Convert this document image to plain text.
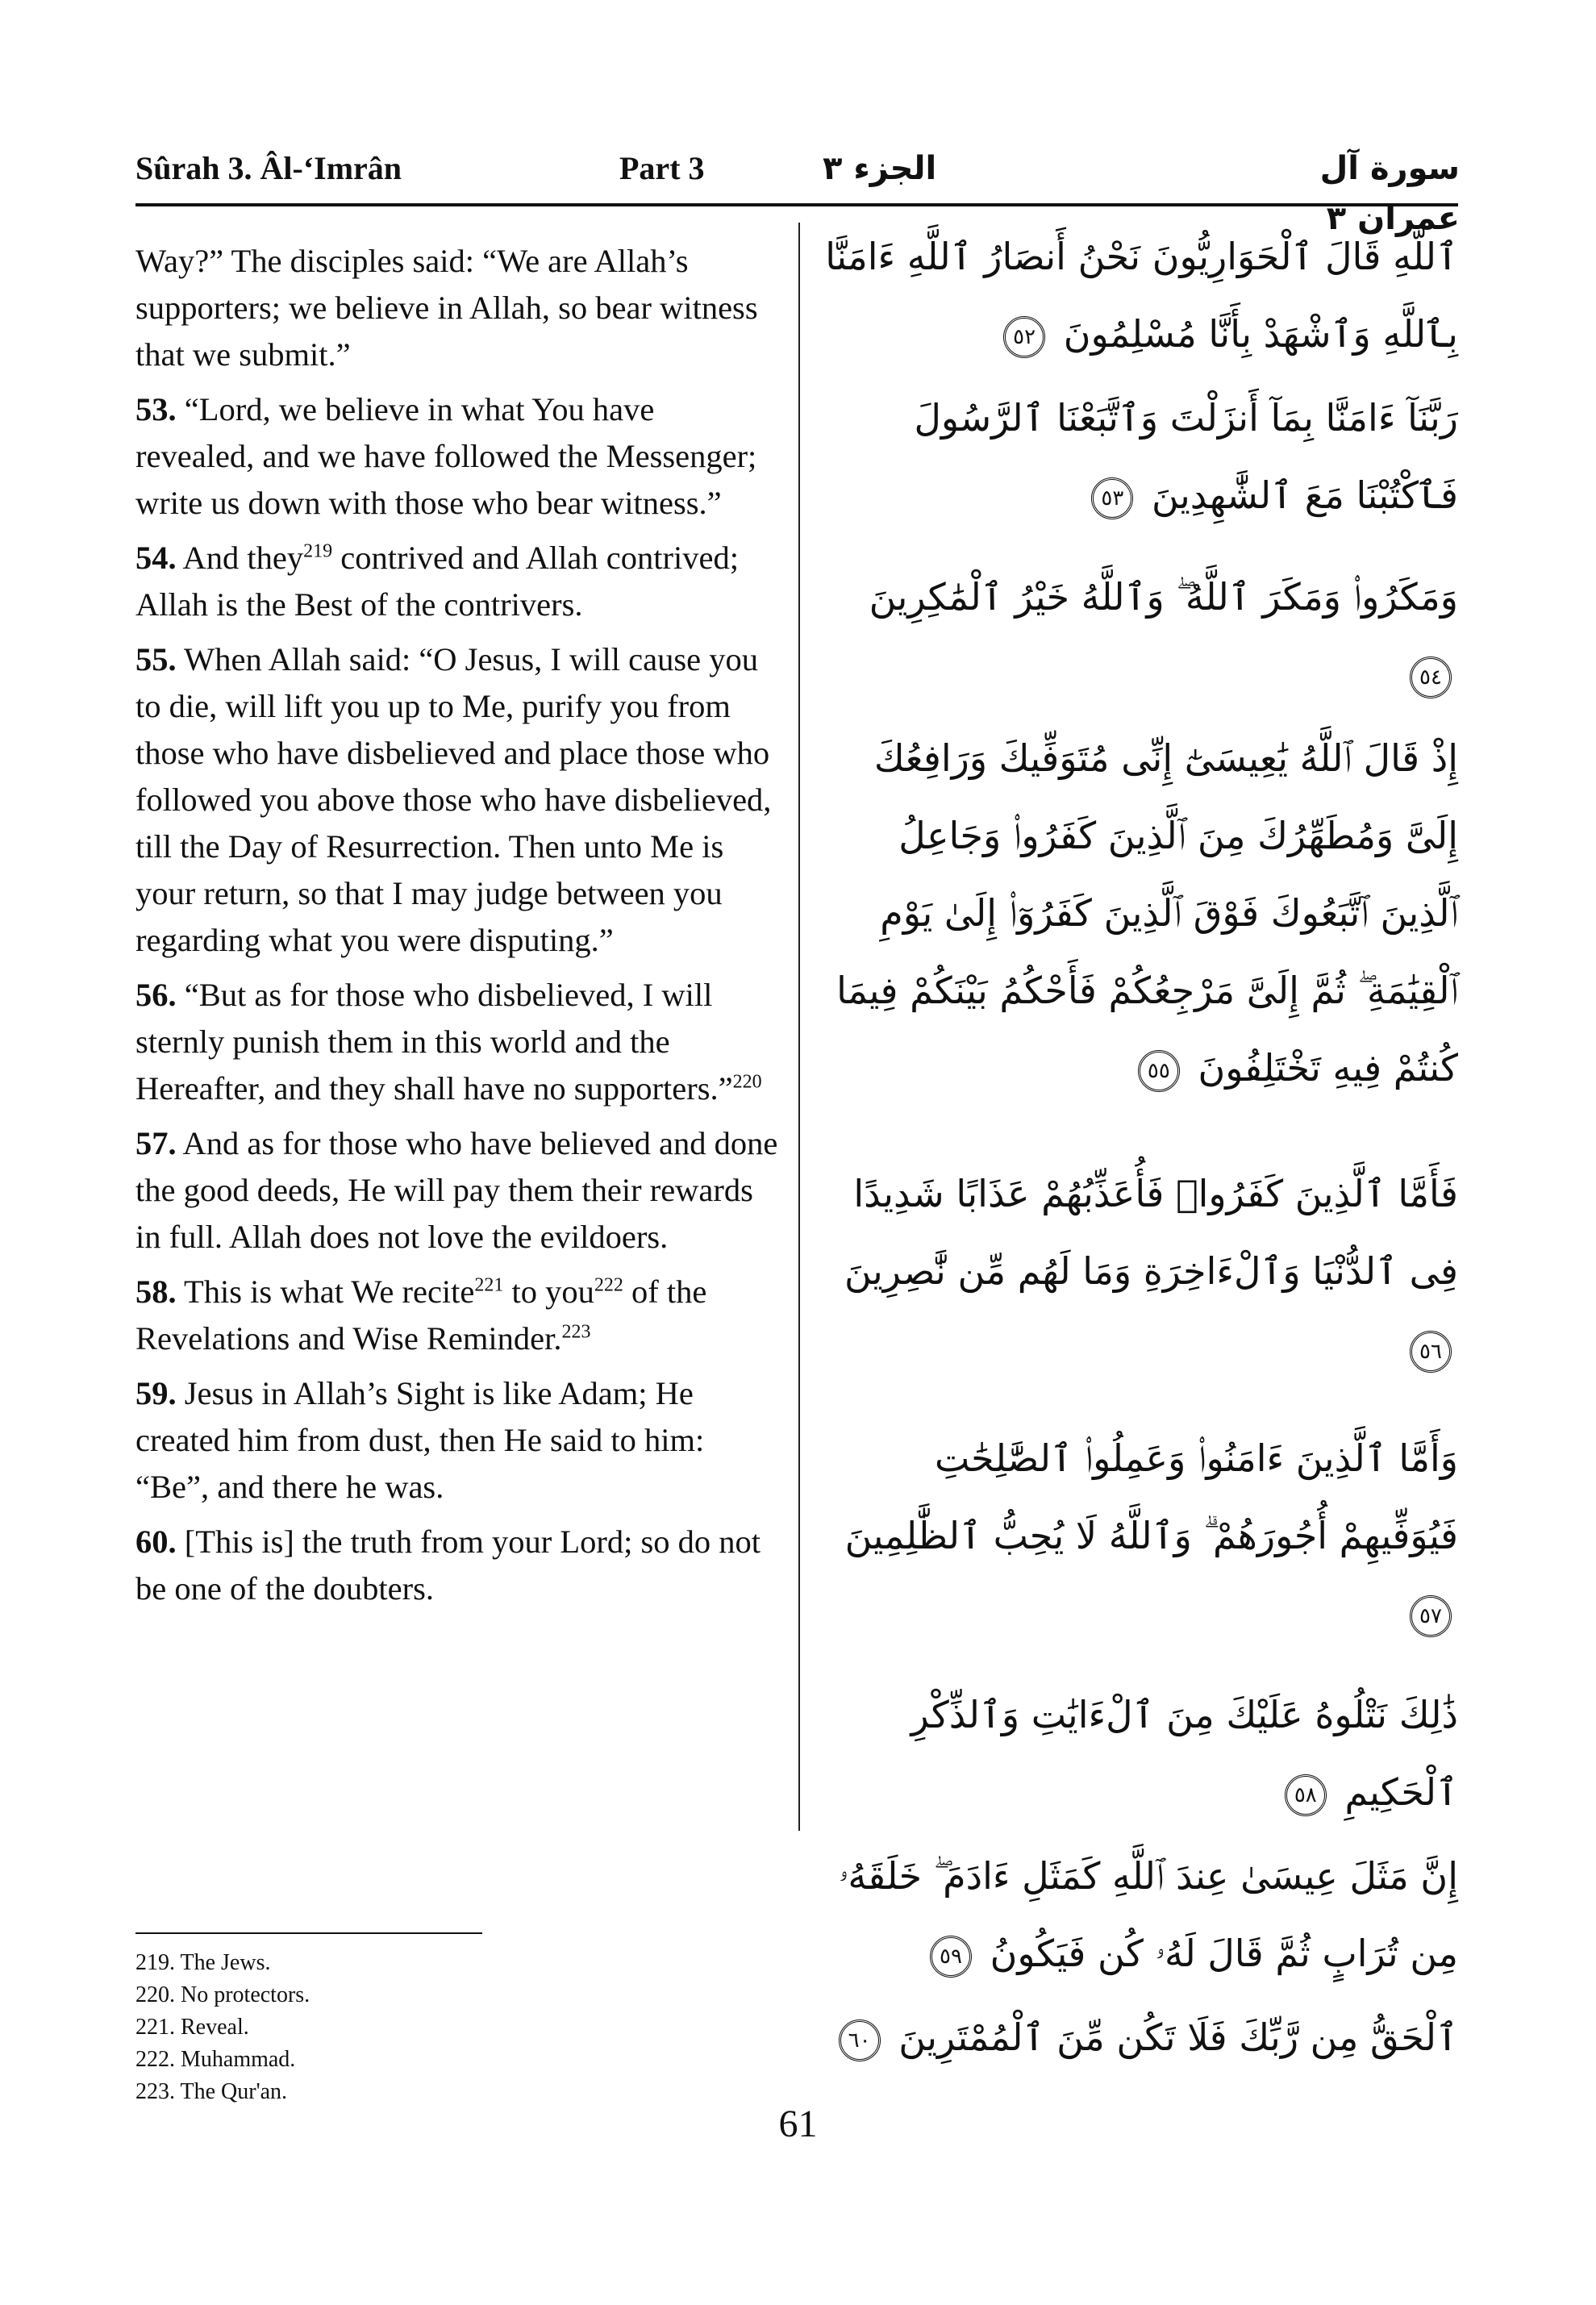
Sûrah 3. Âl-‘Imrân	Part 3	الجزء ٣	سورة آل عمران ٣

Way?” The disciples said: “We are Allah’s supporters; we believe in Allah, so bear witness that we submit.”

53. “Lord, we believe in what You have revealed, and we have followed the Messenger; write us down with those who bear witness.”

54. And they$^{219}$ contrived and Allah contrived; Allah is the Best of the contrivers.

55. When Allah said: “O Jesus, I will cause you to die, will lift you up to Me, purify you from those who have disbelieved and place those who followed you above those who have disbelieved, till the Day of Resurrection. Then unto Me is your return, so that I may judge between you regarding what you were disputing.”

56. “But as for those who disbelieved, I will sternly punish them in this world and the Hereafter, and they shall have no supporters.”$^{220}$

57. And as for those who have believed and done the good deeds, He will pay them their rewards in full. Allah does not love the evildoers.

58. This is what We recite$^{221}$ to you$^{222}$ of the Revelations and Wise Reminder.$^{223}$

59. Jesus in Allah’s Sight is like Adam; He created him from dust, then He said to him: “Be”, and there he was.

60. [This is] the truth from your Lord; so do not be one of the doubters.

ٱللَّهِ قَالَ ٱلْحَوَارِيُّونَ نَحْنُ أَنصَارُ ٱللَّهِ ءَامَنَّا بِٱللَّهِ وَٱشْهَدْ بِأَنَّا مُسْلِمُونَ ٥٢
رَبَّنَآ ءَامَنَّا بِمَآ أَنزَلْتَ وَٱتَّبَعْنَا ٱلرَّسُولَ فَٱكْتُبْنَا مَعَ ٱلشَّٰهِدِينَ ٥٣
وَمَكَرُوا۟ وَمَكَرَ ٱللَّهُ ۖ وَٱللَّهُ خَيْرُ ٱلْمَٰكِرِينَ ٥٤
إِذْ قَالَ ٱللَّهُ يَٰعِيسَىٰٓ إِنِّى مُتَوَفِّيكَ وَرَافِعُكَ إِلَىَّ وَمُطَهِّرُكَ مِنَ ٱلَّذِينَ كَفَرُوا۟ وَجَاعِلُ ٱلَّذِينَ ٱتَّبَعُوكَ فَوْقَ ٱلَّذِينَ كَفَرُوٓا۟ إِلَىٰ يَوْمِ ٱلْقِيَٰمَةِ ۖ ثُمَّ إِلَىَّ مَرْجِعُكُمْ فَأَحْكُمُ بَيْنَكُمْ فِيمَا كُنتُمْ فِيهِ تَخْتَلِفُونَ ٥٥
فَأَمَّا ٱلَّذِينَ كَفَرُوا۟ فَأُعَذِّبُهُمْ عَذَابًا شَدِيدًا فِى ٱلدُّنْيَا وَٱلْءَاخِرَةِ وَمَا لَهُم مِّن نَّٰصِرِينَ ٥٦
وَأَمَّا ٱلَّذِينَ ءَامَنُوا۟ وَعَمِلُوا۟ ٱلصَّٰلِحَٰتِ فَيُوَفِّيهِمْ أُجُورَهُمْ ۗ وَٱللَّهُ لَا يُحِبُّ ٱلظَّٰلِمِينَ ٥٧
ذَٰلِكَ نَتْلُوهُ عَلَيْكَ مِنَ ٱلْءَايَٰتِ وَٱلذِّكْرِ ٱلْحَكِيمِ ٥٨
إِنَّ مَثَلَ عِيسَىٰ عِندَ ٱللَّهِ كَمَثَلِ ءَادَمَ ۖ خَلَقَهُۥ مِن تُرَابٍ ثُمَّ قَالَ لَهُۥ كُن فَيَكُونُ ٥٩
ٱلْحَقُّ مِن رَّبِّكَ فَلَا تَكُن مِّنَ ٱلْمُمْتَرِينَ ٦٠
219. The Jews.
220. No protectors.
221. Reveal.
222. Muhammad.
223. The Qur'an.
61
